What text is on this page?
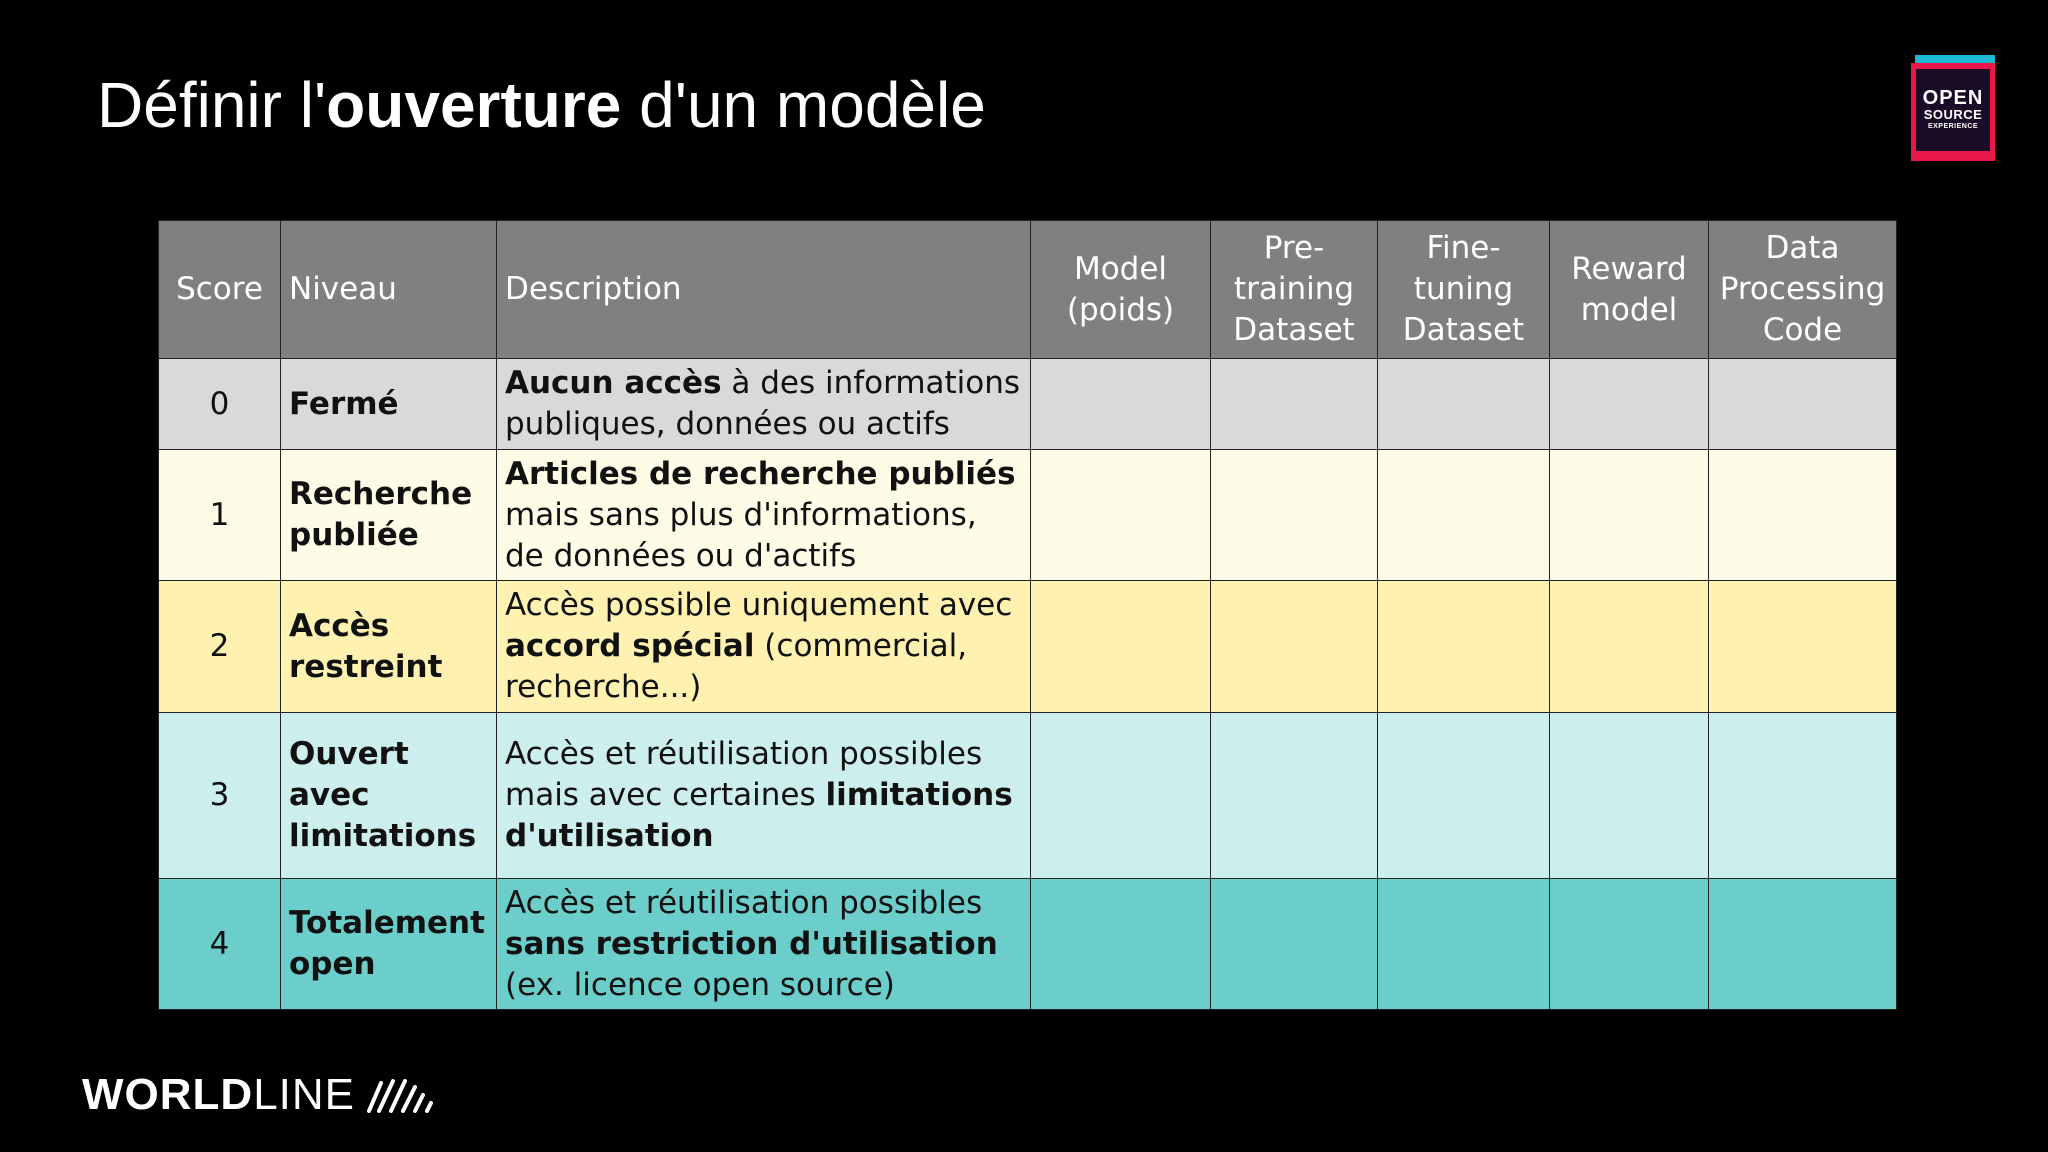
Définir l'ouverture d'un modèle	OPEN
SOURCE
EXPERIENCE
Score	Niveau	Description	Model (poids)	Pre-training Dataset	Fine-tuning Dataset	Reward model	Data Processing Code
0	Fermé	Aucun accès à des informations publiques, données ou actifs					
1	Recherche publiée	Articles de recherche publiés mais sans plus d'informations, de données ou d'actifs					
2	Accès restreint	Accès possible uniquement avec accord spécial (commercial, recherche...)					
3	Ouvert avec limitations	Accès et réutilisation possibles mais avec certaines limitations d'utilisation					
4	Totalement open	Accès et réutilisation possibles sans restriction d'utilisation (ex. licence open source)					
WORLD LINE
